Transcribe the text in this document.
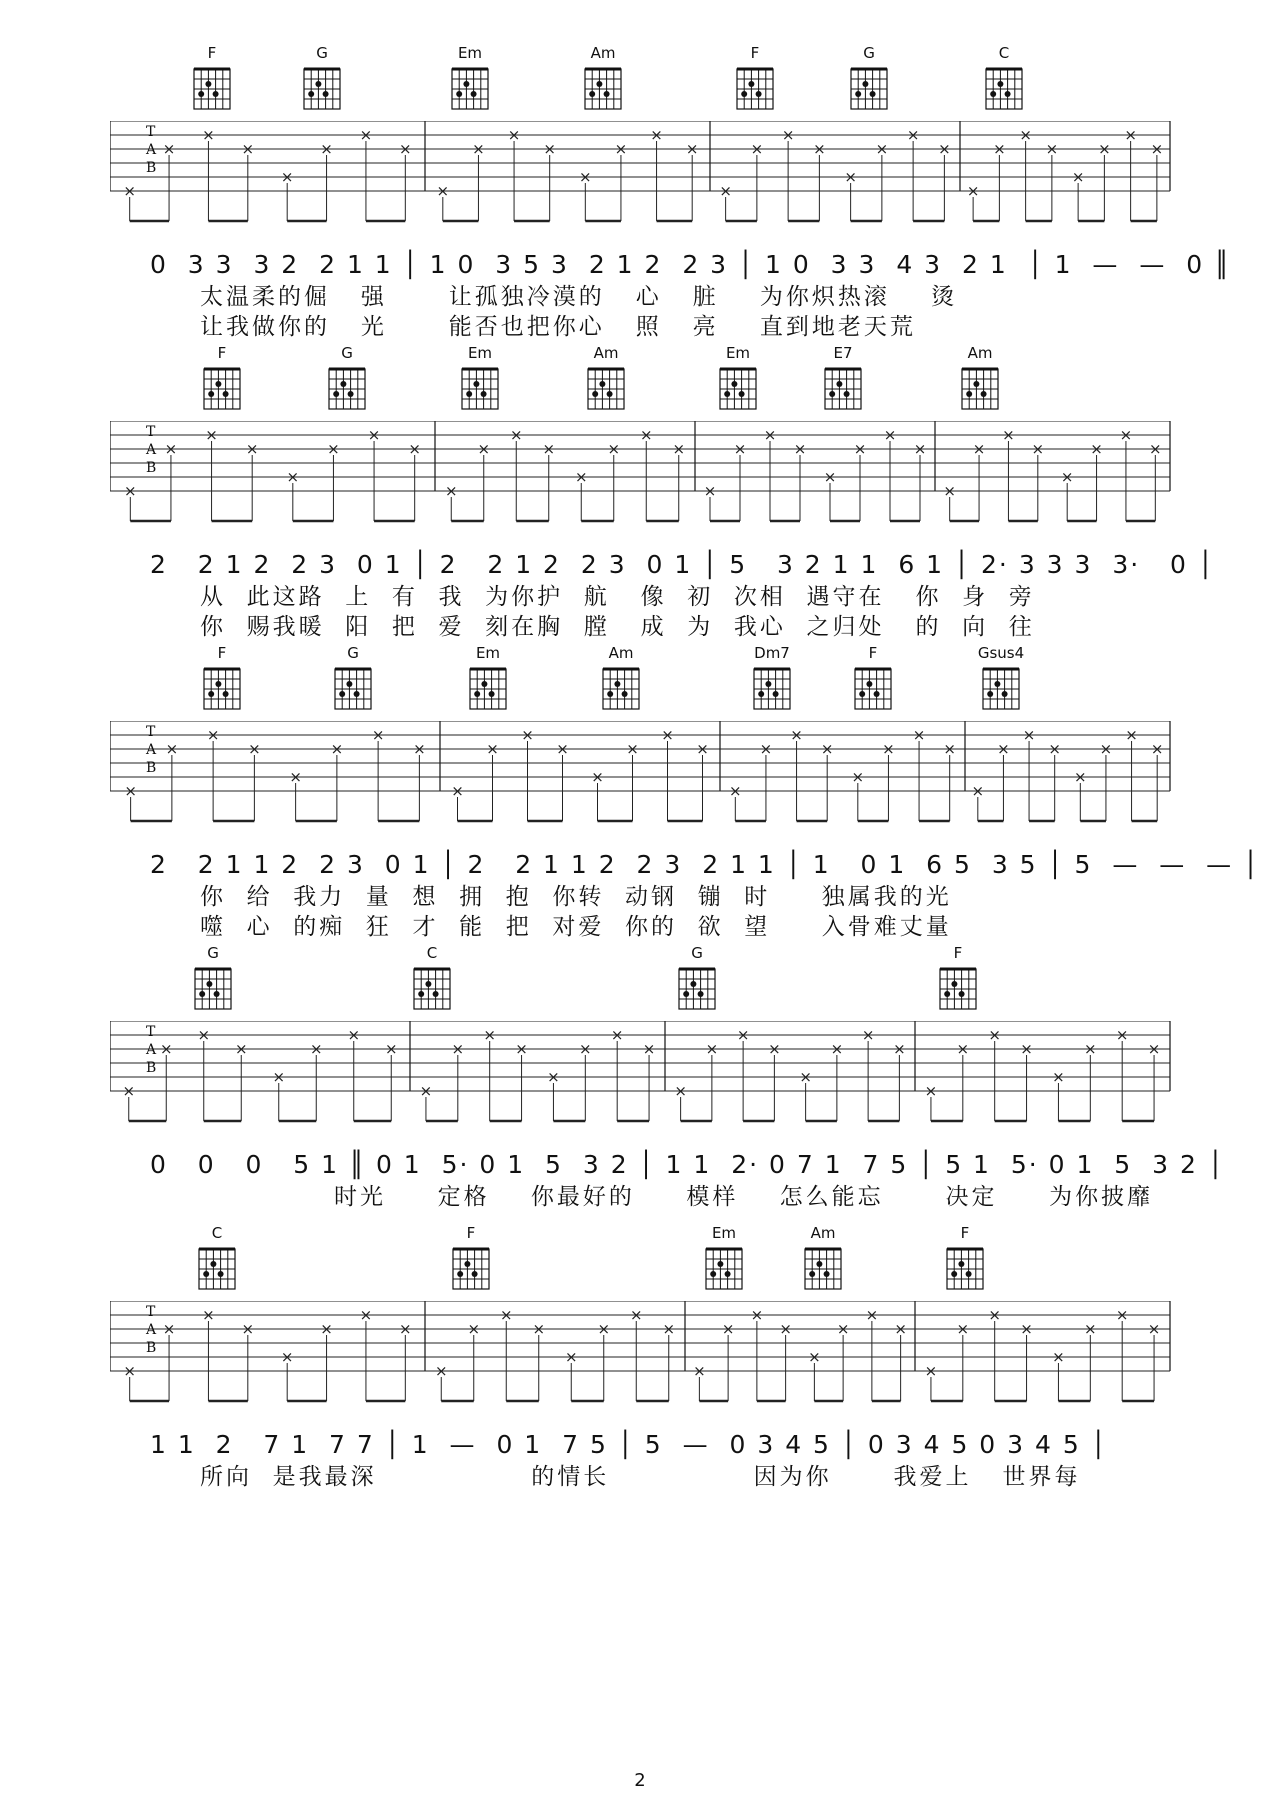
F	G	Em	Am	F	G	C
×
×
×
×
×
×
×
×
×
×
×
×
×
×
×
×
×
×
×
×
×
×
×
×
×
×
×
×
×
×
×
×
T
A
B
0  3 3  3 2  2 1 1 │ 1 0  3 5 3  2 1 2  2 3 │ 1 0  3 3  4 3  2 1  │ 1  —  —  0 ║
太温柔的倔   强      让孤独冷漠的   心   脏    为你炽热滚    烫
让我做你的   光      能否也把你心   照   亮    直到地老天荒
F	G	Em	Am	Em	E7	Am
×
×
×
×
×
×
×
×
×
×
×
×
×
×
×
×
×
×
×
×
×
×
×
×
×
×
×
×
×
×
×
×
T
A
B
2   2 1 2  2 3  0 1 │ 2   2 1 2  2 3  0 1 │ 5   3 2 1 1  6 1 │ 2· 3 3 3  3·   0 │
从  此这路  上  有  我  为你护  航   像  初  次相  遇守在   你  身  旁
你  赐我暖  阳  把  爱  刻在胸  膛   成  为  我心  之归处   的  向  往
F	G	Em	Am	Dm7	F	Gsus4
×
×
×
×
×
×
×
×
×
×
×
×
×
×
×
×
×
×
×
×
×
×
×
×
×
×
×
×
×
×
×
×
T
A
B
2   2 1 1 2  2 3  0 1 │ 2   2 1 1 2  2 3  2 1 1 │ 1   0 1  6 5  3 5 │ 5  —  —  — │
你  给  我力  量  想  拥  抱  你转  动钢  镚  时     独属我的光
噬  心  的痴  狂  才  能  把  对爱  你的  欲  望     入骨难丈量
G	C	G	F
×
×
×
×
×
×
×
×
×
×
×
×
×
×
×
×
×
×
×
×
×
×
×
×
×
×
×
×
×
×
×
×
T
A
B
0   0   0   5 1 ║ 0 1  5· 0 1  5  3 2 │ 1 1  2· 0 7 1  7 5 │ 5 1  5· 0 1  5  3 2 │
时光     定格    你最好的     模样    怎么能忘      决定     为你披靡
C	F	Em	Am	F
×
×
×
×
×
×
×
×
×
×
×
×
×
×
×
×
×
×
×
×
×
×
×
×
×
×
×
×
×
×
×
×
T
A
B
1 1  2   7 1  7 7 │ 1  —  0 1  7 5 │ 5  —  0 3 4 5 │ 0 3 4 5 0 3 4 5 │
所向  是我最深               的情长              因为你      我爱上   世界每
2
